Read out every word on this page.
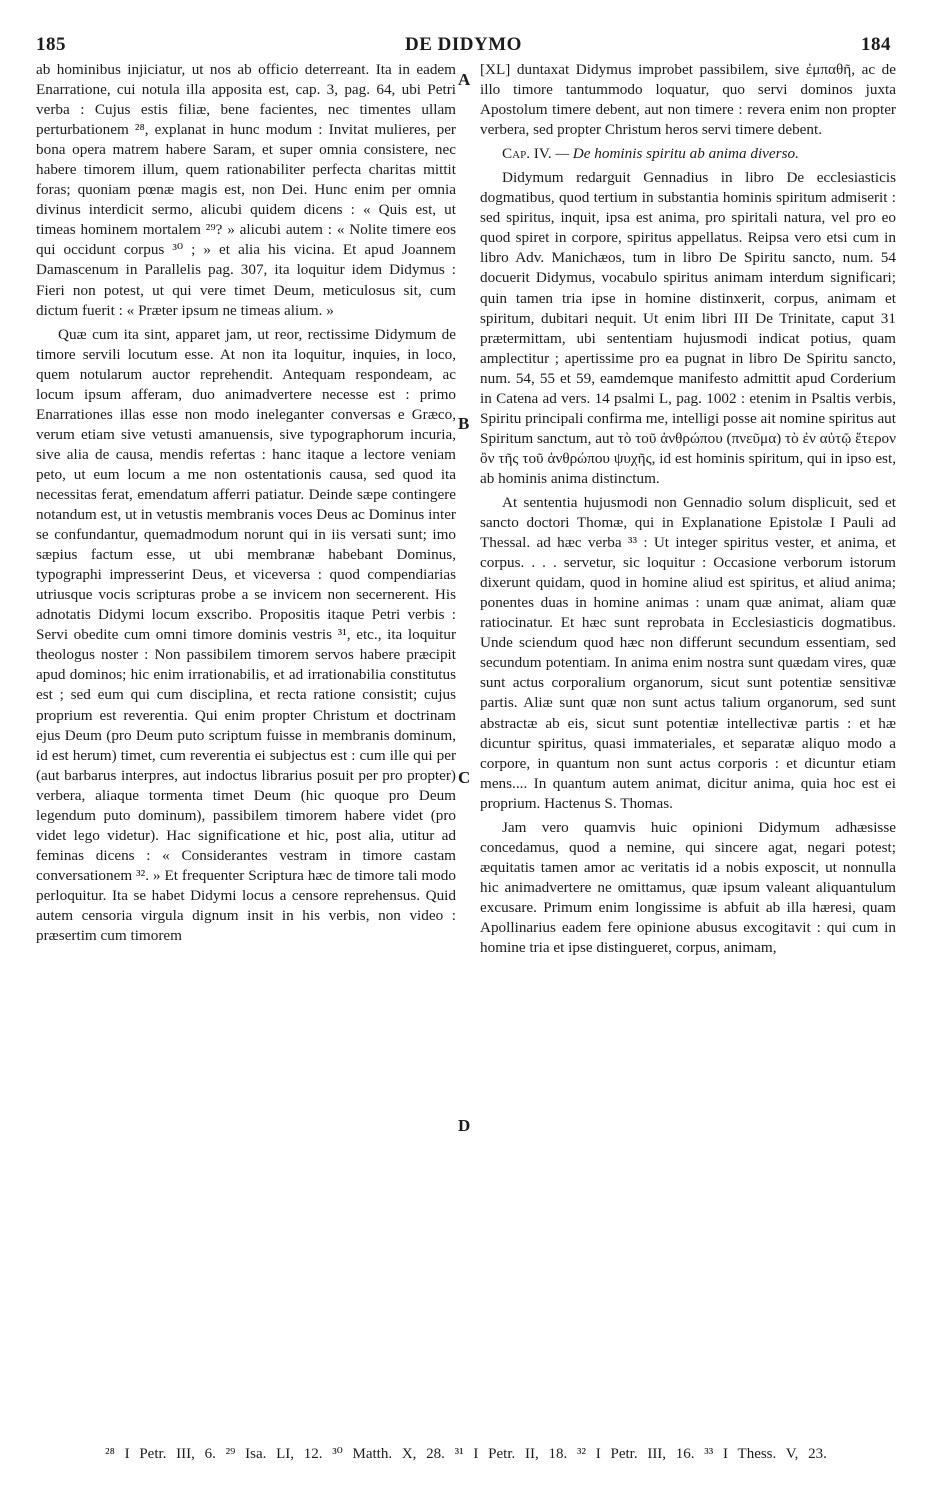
185	DE DIDYMO	184

ab hominibus injiciatur, ut nos ab officio deterreant. Ita in eadem Enarratione, cui notula illa apposita est, cap. 3, pag. 64, ubi Petri verba : Cujus estis filiæ, bene facientes, nec timentes ullam perturbationem ²⁸, explanat in hunc modum : Invitat mulieres, per bona opera matrem habere Saram, et super omnia consistere, nec habere timorem illum, quem rationabiliter perfecta charitas mittit foras; quoniam pœnæ magis est, non Dei. Hunc enim per omnia divinus interdicit sermo, alicubi quidem dicens : « Quis est, ut timeas hominem mortalem ²⁹? » alicubi autem : « Nolite timere eos qui occidunt corpus ³⁰ ; » et alia his vicina. Et apud Joannem Damascenum in Parallelis pag. 307, ita loquitur idem Didymus : Fieri non potest, ut qui vere timet Deum, meticulosus sit, cum dictum fuerit : « Præter ipsum ne timeas alium. »

Quæ cum ita sint, apparet jam, ut reor, rectissime Didymum de timore servili locutum esse. At non ita loquitur, inquies, in loco, quem notularum auctor reprehendit. Antequam respondeam, ac locum ipsum afferam, duo animadvertere necesse est : primo Enarrationes illas esse non modo ineleganter conversas e Græco, verum etiam sive vetusti amanuensis, sive typographorum incuria, sive alia de causa, mendis refertas : hanc itaque a lectore veniam peto, ut eum locum a me non ostentationis causa, sed quod ita necessitas ferat, emendatum afferri patiatur. Deinde sæpe contingere notandum est, ut in vetustis membranis voces Deus ac Dominus inter se confundantur, quemadmodum norunt qui in iis versati sunt; imo sæpius factum esse, ut ubi membranæ habebant Dominus, typographi impresserint Deus, et viceversa : quod compendiarias utriusque vocis scripturas probe a se invicem non secernerent. His adnotatis Didymi locum exscribo. Propositis itaque Petri verbis : Servi obedite cum omni timore dominis vestris ³¹, etc., ita loquitur theologus noster : Non passibilem timorem servos habere præcipit apud dominos; hic enim irrationabilis, et ad irrationabilia constitutus est ; sed eum qui cum disciplina, et recta ratione consistit; cujus proprium est reverentia. Qui enim propter Christum et doctrinam ejus Deum (pro Deum puto scriptum fuisse in membranis dominum, id est herum) timet, cum reverentia ei subjectus est : cum ille qui per (aut barbarus interpres, aut indoctus librarius posuit per pro propter) verbera, aliaque tormenta timet Deum (hic quoque pro Deum legendum puto dominum), passibilem timorem habere videt (pro videt lego videtur). Hac significatione et hic, post alia, utitur ad feminas dicens : « Considerantes vestram in timore castam conversationem ³². » Et frequenter Scriptura hæc de timore tali modo perloquitur. Ita se habet Didymi locus a censore reprehensus. Quid autem censoria virgula dignum insit in his verbis, non video : præsertim cum timorem

A
B
C
D

[XL] duntaxat Didymus improbet passibilem, sive ἐμπαθῆ, ac de illo timore tantummodo loquatur, quo servi dominos juxta Apostolum timere debent, aut non timere : revera enim non propter verbera, sed propter Christum heros servi timere debent.

Cap. IV. — De hominis spiritu ab anima diverso.

Didymum redarguit Gennadius in libro De ecclesiasticis dogmatibus, quod tertium in substantia hominis spiritum admiserit : sed spiritus, inquit, ipsa est anima, pro spiritali natura, vel pro eo quod spiret in corpore, spiritus appellatus. Reipsa vero etsi cum in libro Adv. Manichæos, tum in libro De Spiritu sancto, num. 54 docuerit Didymus, vocabulo spiritus animam interdum significari; quin tamen tria ipse in homine distinxerit, corpus, animam et spiritum, dubitari nequit. Ut enim libri III De Trinitate, caput 31 prætermittam, ubi sententiam hujusmodi indicat potius, quam amplectitur ; apertissime pro ea pugnat in libro De Spiritu sancto, num. 54, 55 et 59, eamdemque manifesto admittit apud Corderium in Catena ad vers. 14 psalmi L, pag. 1002 : etenim in Psaltis verbis, Spiritu principali confirma me, intelligi posse ait nomine spiritus aut Spiritum sanctum, aut τὸ τοῦ ἀνθρώπου (πνεῦμα) τὸ ἐν αὐτῷ ἕτερον ὂν τῆς τοῦ ἀνθρώπου ψυχῆς, id est hominis spiritum, qui in ipso est, ab hominis anima distinctum.

At sententia hujusmodi non Gennadio solum displicuit, sed et sancto doctori Thomæ, qui in Explanatione Epistolæ I Pauli ad Thessal. ad hæc verba ³³ : Ut integer spiritus vester, et anima, et corpus. . . . servetur, sic loquitur : Occasione verborum istorum dixerunt quidam, quod in homine aliud est spiritus, et aliud anima; ponentes duas in homine animas : unam quæ animat, aliam quæ ratiocinatur. Et hæc sunt reprobata in Ecclesiasticis dogmatibus. Unde sciendum quod hæc non differunt secundum essentiam, sed secundum potentiam. In anima enim nostra sunt quædam vires, quæ sunt actus corporalium organorum, sicut sunt potentiæ sensitivæ partis. Aliæ sunt quæ non sunt actus talium organorum, sed sunt abstractæ ab eis, sicut sunt potentiæ intellectivæ partis : et hæ dicuntur spiritus, quasi immateriales, et separatæ aliquo modo a corpore, in quantum non sunt actus corporis : et dicuntur etiam mens.... In quantum autem animat, dicitur anima, quia hoc est ei proprium. Hactenus S. Thomas.

Jam vero quamvis huic opinioni Didymum adhæsisse concedamus, quod a nemine, qui sincere agat, negari potest; æquitatis tamen amor ac veritatis id a nobis exposcit, ut nonnulla hic animadvertere ne omittamus, quæ ipsum valeant aliquantulum excusare. Primum enim longissime is abfuit ab illa hæresi, quam Apollinarius eadem fere opinione abusus excogitavit : qui cum in homine tria et ipse distingueret, corpus, animam,

²⁸ I Petr. III, 6. ²⁹ Isa. LI, 12. ³⁰ Matth. X, 28. ³¹ I Petr. II, 18. ³² I Petr. III, 16. ³³ I Thess. V, 23.
